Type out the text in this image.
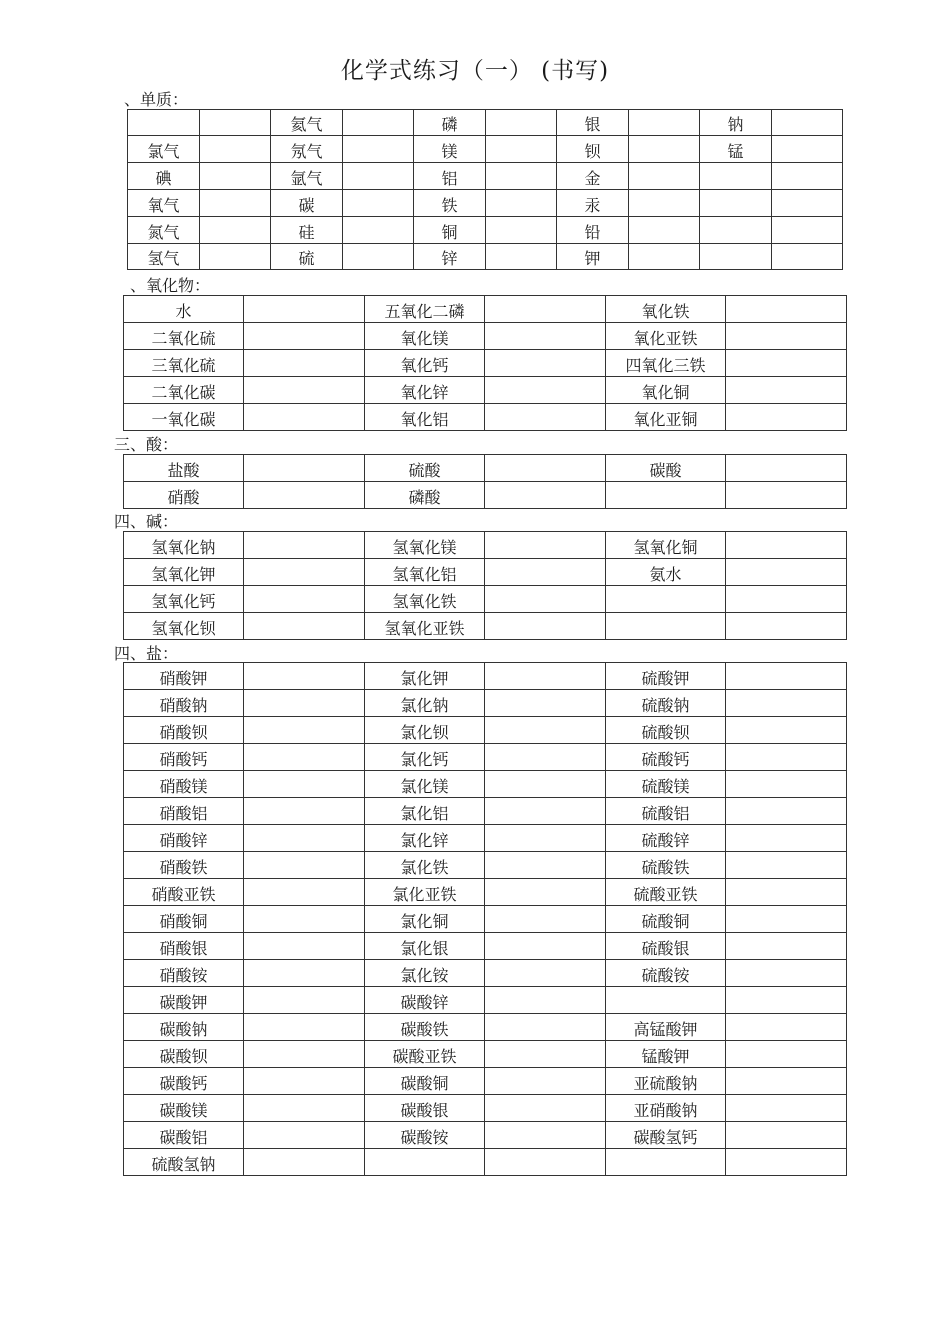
化学式练习（一） (书写)
、单质：
		氦气		磷		银		钠	
氯气		氖气		镁		钡		锰	
碘		氩气		铝		金			
氧气		碳		铁		汞			
氮气		硅		铜		铅			
氢气		硫		锌		钾			
、氧化物：
水		五氧化二磷		氧化铁	
二氧化硫		氧化镁		氧化亚铁	
三氧化硫		氧化钙		四氧化三铁	
二氧化碳		氧化锌		氧化铜	
一氧化碳		氧化铝		氧化亚铜	
三、酸：
盐酸		硫酸		碳酸	
硝酸		磷酸			
四、碱：
氢氧化钠		氢氧化镁		氢氧化铜	
氢氧化钾		氢氧化铝		氨水	
氢氧化钙		氢氧化铁			
氢氧化钡		氢氧化亚铁			
四、盐：
硝酸钾		氯化钾		硫酸钾	
硝酸钠		氯化钠		硫酸钠	
硝酸钡		氯化钡		硫酸钡	
硝酸钙		氯化钙		硫酸钙	
硝酸镁		氯化镁		硫酸镁	
硝酸铝		氯化铝		硫酸铝	
硝酸锌		氯化锌		硫酸锌	
硝酸铁		氯化铁		硫酸铁	
硝酸亚铁		氯化亚铁		硫酸亚铁	
硝酸铜		氯化铜		硫酸铜	
硝酸银		氯化银		硫酸银	
硝酸铵		氯化铵		硫酸铵	
碳酸钾		碳酸锌			
碳酸钠		碳酸铁		高锰酸钾	
碳酸钡		碳酸亚铁		锰酸钾	
碳酸钙		碳酸铜		亚硫酸钠	
碳酸镁		碳酸银		亚硝酸钠	
碳酸铝		碳酸铵		碳酸氢钙	
硫酸氢钠					
